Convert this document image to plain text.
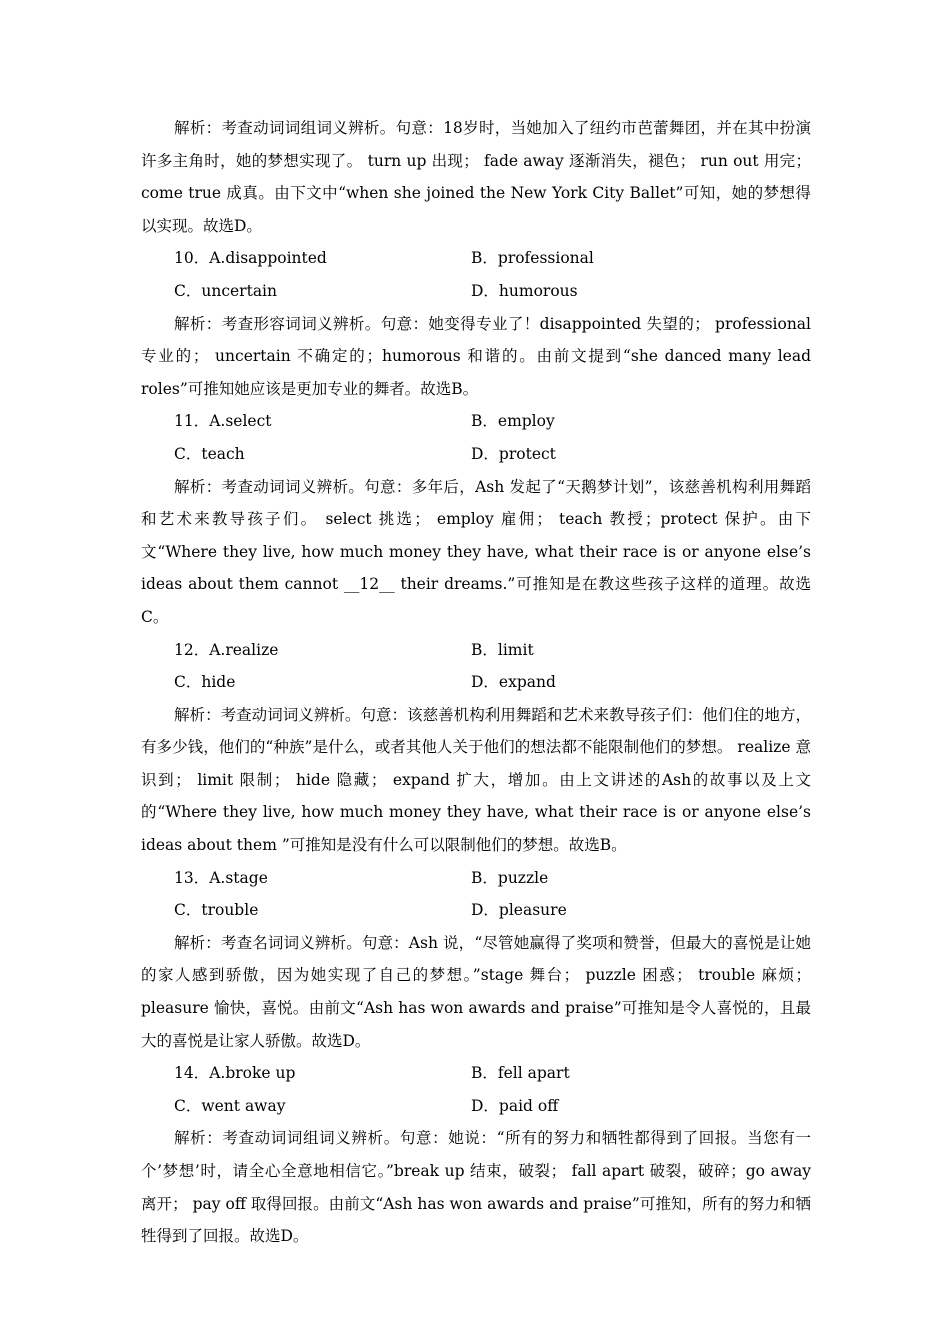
解析：考查动词词组词义辨析。句意：18岁时，当她加入了纽约市芭蕾舞团，并在其中扮演许多主角时，她的梦想实现了。 turn up 出现； fade away 逐渐消失，褪色； run out 用完；come true 成真。由下文中“when she joined the New York City Ballet”可知，她的梦想得以实现。故选D。

10．A.disappointed	B．professional
C．uncertain	D．humorous

解析：考查形容词词义辨析。句意：她变得专业了！disappointed 失望的； professional 专业的； uncertain 不确定的；humorous 和谐的。由前文提到“she danced many lead roles”可推知她应该是更加专业的舞者。故选B。

11．A.select	B．employ
C．teach	D．protect

解析：考查动词词义辨析。句意：多年后，Ash 发起了“天鹅梦计划”，该慈善机构利用舞蹈和艺术来教导孩子们。 select 挑选； employ 雇佣； teach 教授；protect 保护。由下文“Where they live, how much money they have, what their race is or anyone else’s ideas about them cannot __12__ their dreams.”可推知是在教这些孩子这样的道理。故选C。

12．A.realize	B．limit
C．hide	D．expand

解析：考查动词词义辨析。句意：该慈善机构利用舞蹈和艺术来教导孩子们：他们住的地方，有多少钱，他们的“种族”是什么，或者其他人关于他们的想法都不能限制他们的梦想。 realize 意识到； limit 限制； hide 隐藏； expand 扩大，增加。由上文讲述的Ash的故事以及上文的“Where they live, how much money they have, what their race is or anyone else’s ideas about them ”可推知是没有什么可以限制他们的梦想。故选B。

13．A.stage	B．puzzle
C．trouble	D．pleasure

解析：考查名词词义辨析。句意：Ash 说，“尽管她赢得了奖项和赞誉，但最大的喜悦是让她的家人感到骄傲，因为她实现了自己的梦想。”stage 舞台； puzzle 困惑； trouble 麻烦；pleasure 愉快，喜悦。由前文“Ash has won awards and praise”可推知是令人喜悦的，且最大的喜悦是让家人骄傲。故选D。

14．A.broke up	B．fell apart
C．went away	D．paid off

解析：考查动词词组词义辨析。句意：她说：“所有的努力和牺牲都得到了回报。当您有一个’梦想’时，请全心全意地相信它。”break up 结束，破裂； fall apart 破裂，破碎；go away 离开； pay off 取得回报。由前文“Ash has won awards and praise”可推知，所有的努力和牺牲得到了回报。故选D。
